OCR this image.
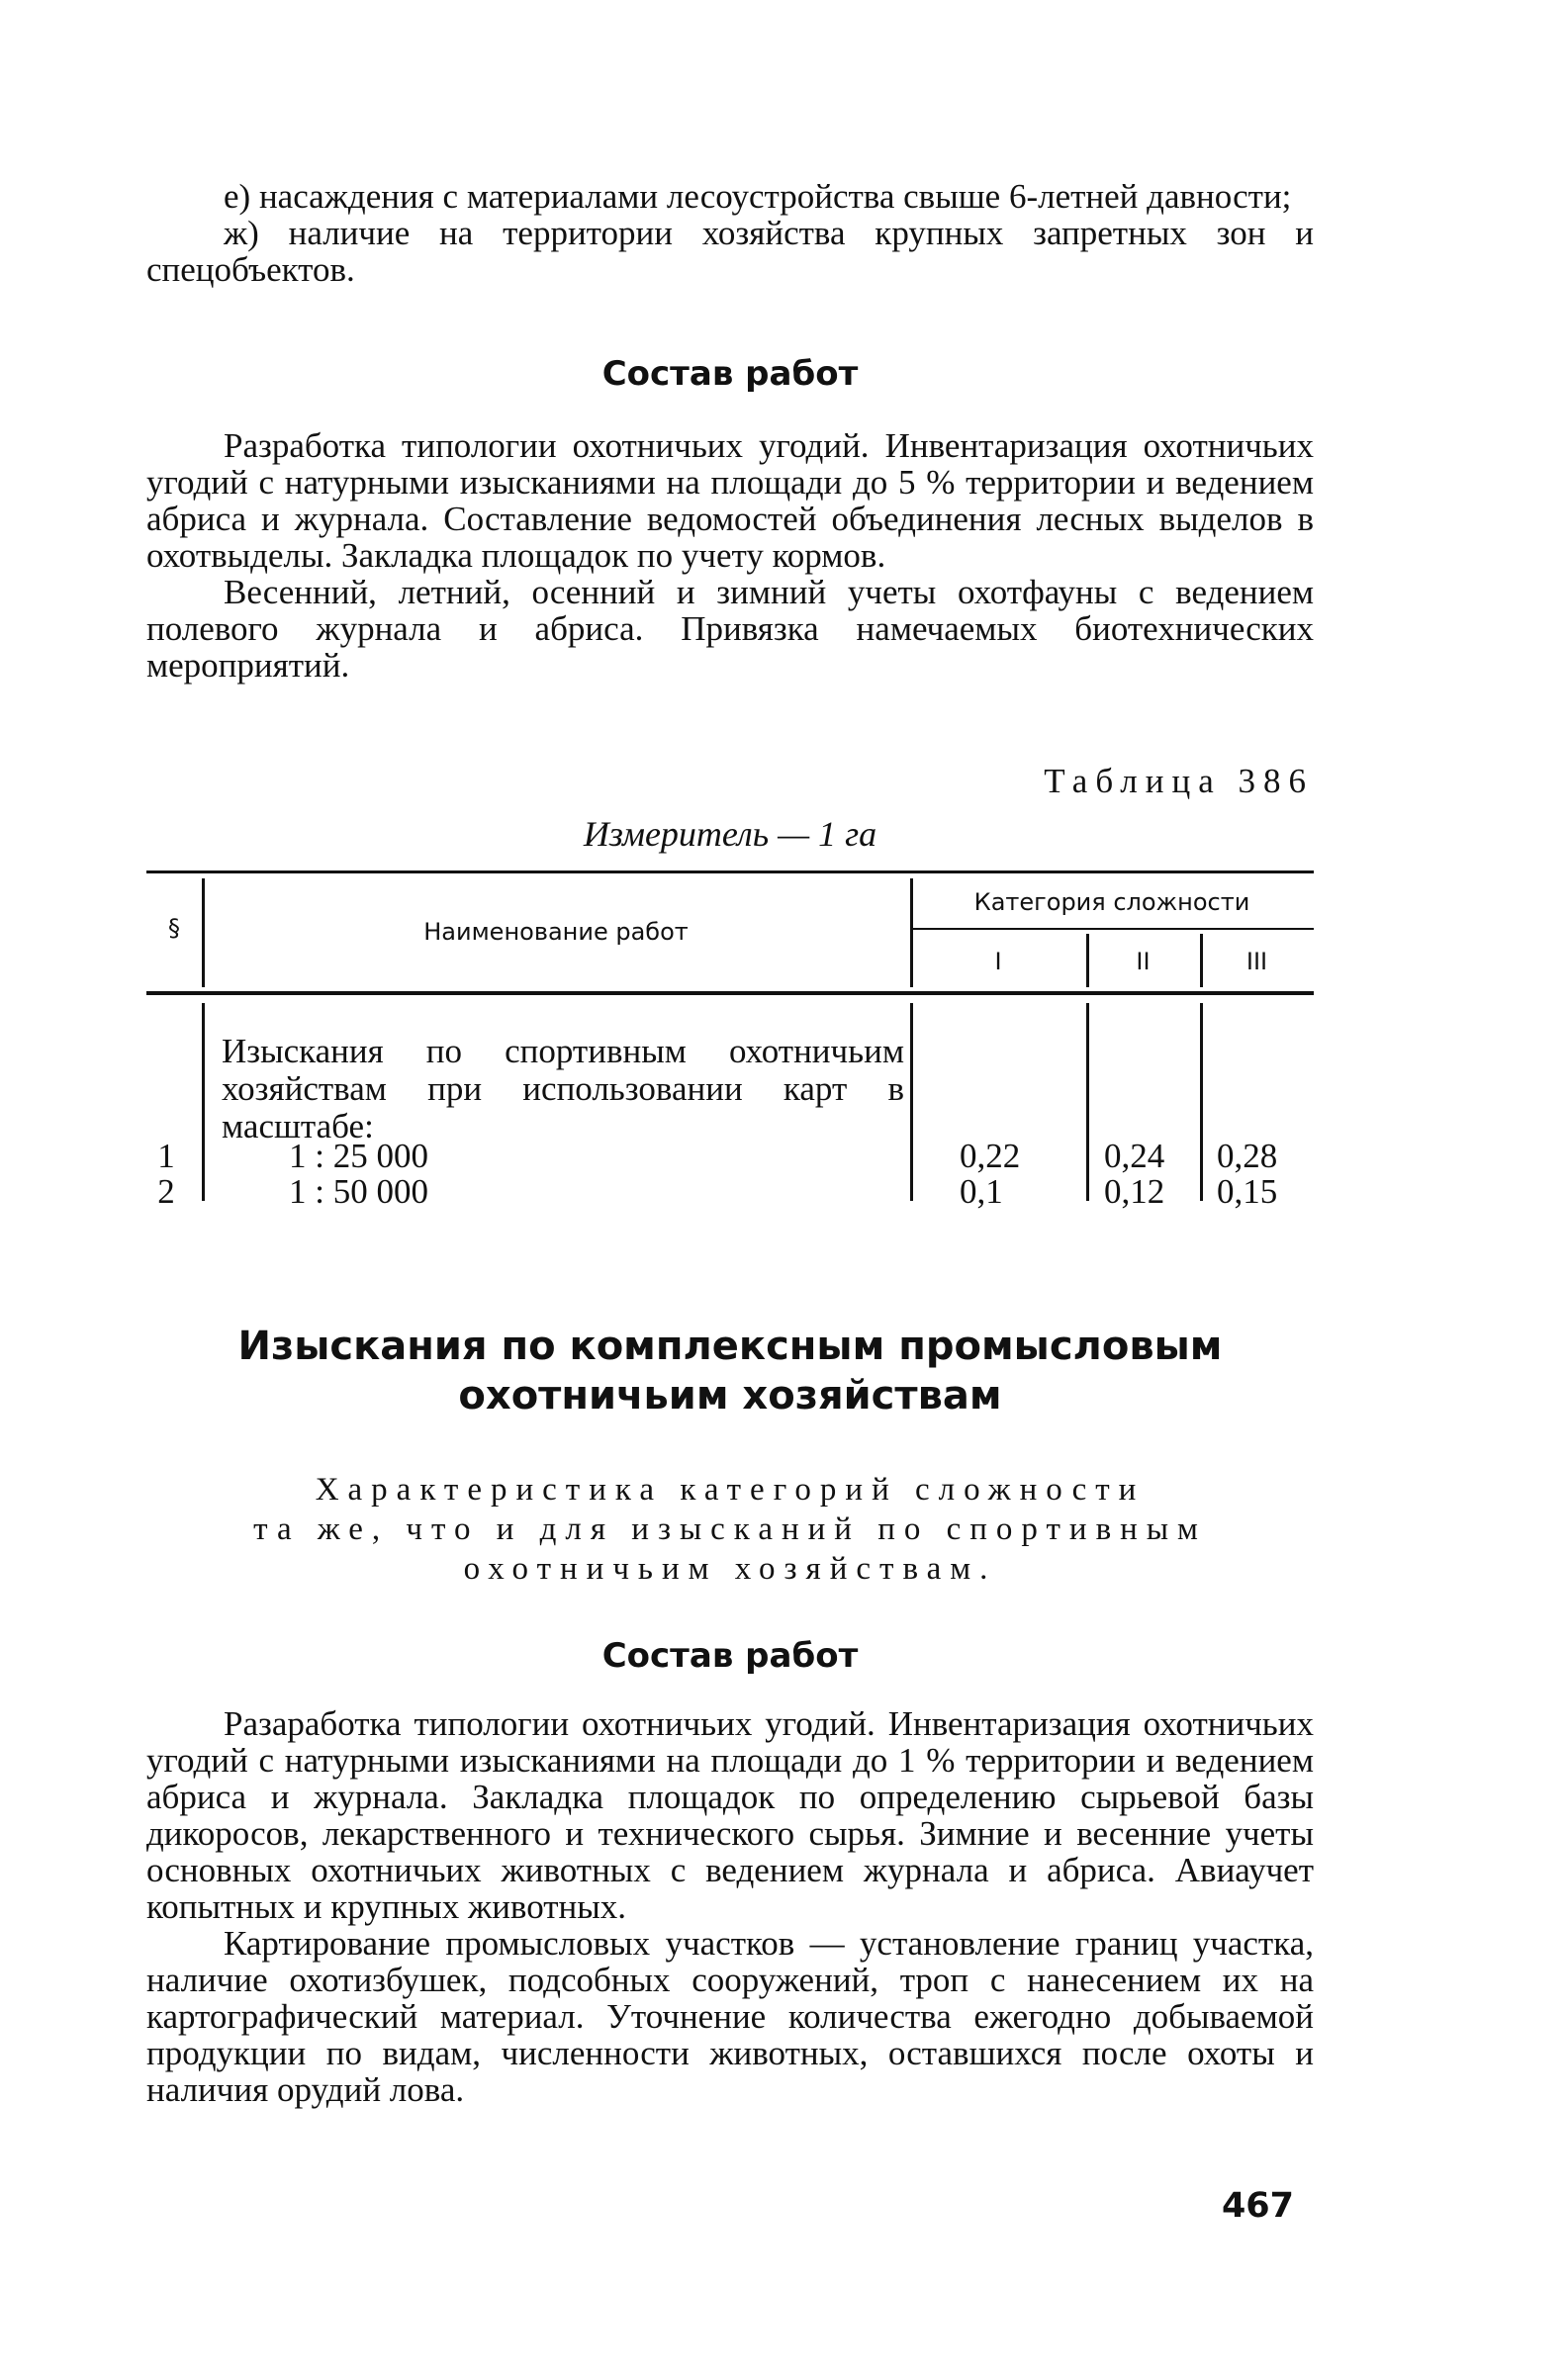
е) насаждения с материалами лесоустройства свыше 6-летней давности;

ж) наличие на территории хозяйства крупных запретных зон и спецобъектов.

Состав работ

Разработка типологии охотничьих угодий. Инвентаризация охотничьих угодий с натурными изысканиями на площади до 5 % территории и ведением абриса и журнала. Составление ведомостей объединения лесных выделов в охотвыделы. Закладка площадок по учету кормов.

Весенний, летний, осенний и зимний учеты охотфауны с ведением полевого журнала и абриса. Привязка намечаемых биотехнических мероприятий.

Таблица 386
Измеритель — 1 га
§	Наименование работ
Категория сложности
I	II	III
Изыскания по спортивным охотничьим
хозяйствам при использовании карт в
масштабе:
1	1 : 25 000	0,22 0,24 0,28
2	1 : 50 000	0,1	0,12 0,15
Изыскания по комплексным промысловым
охотничьим хозяйствам
Характеристика категорий сложности
та же, что и для изысканий по спортивным
охотничьим хозяйствам.
Состав работ

Разаработка типологии охотничьих угодий. Инвентаризация охотничьих угодий с натурными изысканиями на площади до 1 % территории и ведением абриса и журнала. Закладка площадок по определению сырьевой базы дикоросов, лекарственного и технического сырья. Зимние и весенние учеты основных охотничьих животных с ведением журнала и абриса. Авиаучет копытных и крупных животных.

Картирование промысловых участков — установление границ участка, наличие охотизбушек, подсобных сооружений, троп с нанесением их на картографический материал. Уточнение количества ежегодно добываемой продукции по видам, численности животных, оставшихся после охоты и наличия орудий лова.

467
